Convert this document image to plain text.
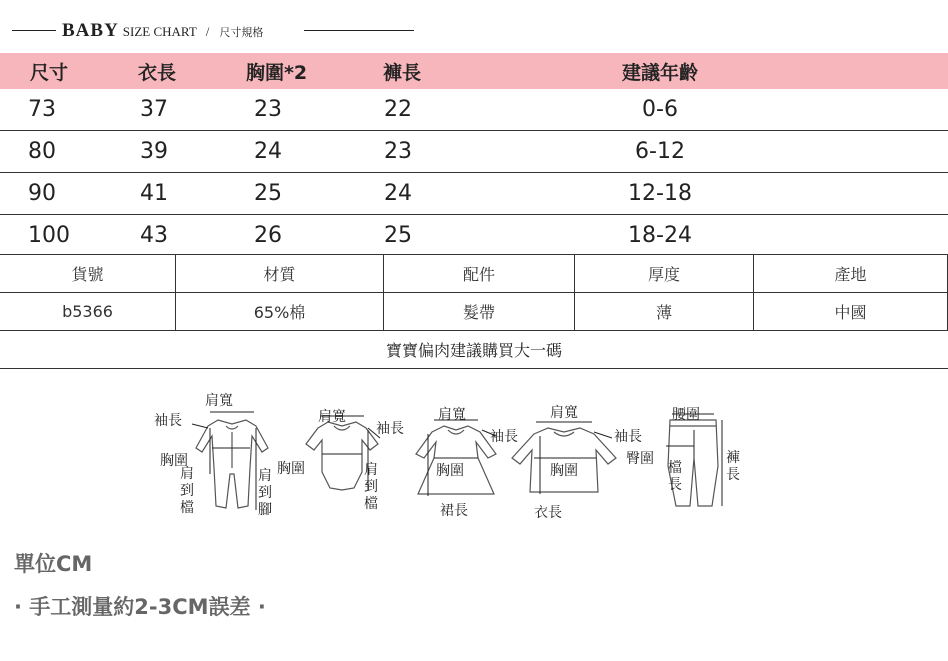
BABY SIZE CHART / 尺寸規格
尺寸	衣長	胸圍*2	褲長	建議年齡
73	37	23	22	0-6
80	39	24	23	6-12
90	41	25	24	12-18
100	43	26	25	18-24
貨號	材質	配件	厚度	產地
b5366	65%棉	髮帶	薄	中國
寶寶偏肉建議購買大一碼
肩寬
袖長
胸圍
肩到檔
肩到腳
肩寬
袖長
胸圍	肩到檔
肩寬
袖長
胸圍
裙長
肩寬
袖長
胸圍
衣長
腰圍
臀圍
檔長
褲長
單位CM
· 手工測量約2-3CM誤差 ·
